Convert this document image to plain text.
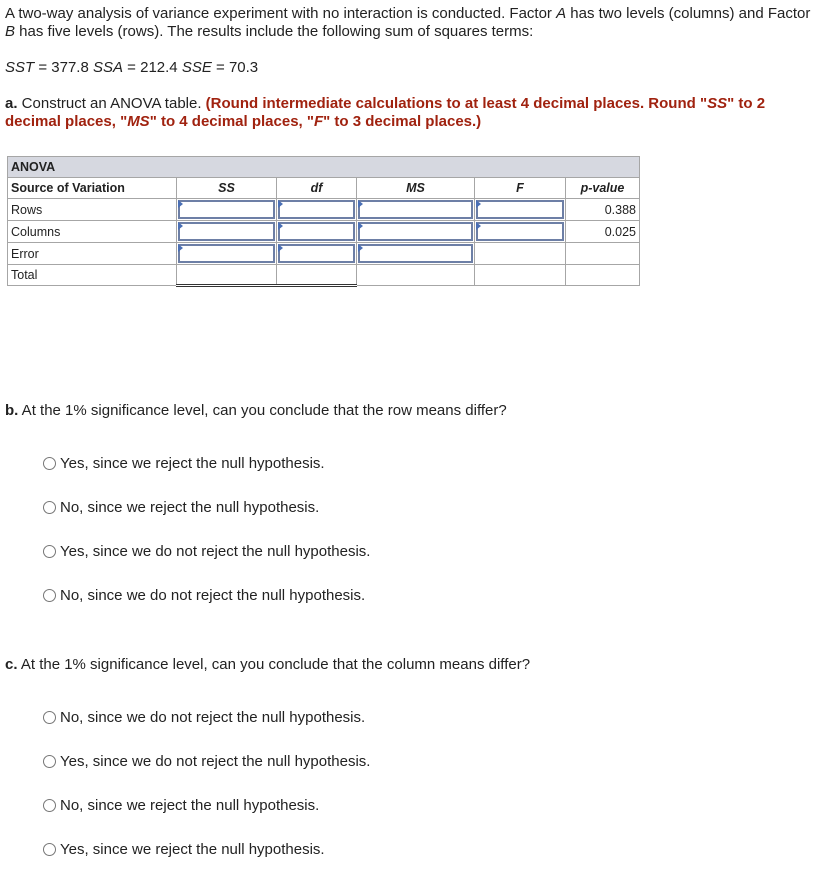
A two-way analysis of variance experiment with no interaction is conducted. Factor A has two levels (columns) and Factor B has five levels (rows). The results include the following sum of squares terms:
SST = 377.8 SSA = 212.4 SSE = 70.3
a. Construct an ANOVA table. (Round intermediate calculations to at least 4 decimal places. Round "SS" to 2 decimal places, "MS" to 4 decimal places, "F" to 3 decimal places.)
ANOVA					
Source of Variation	SS	df	MS	F	p-value
Rows					0.388
Columns					0.025
Error	

Total					
b. At the 1% significance level, can you conclude that the row means differ?
Yes, since we reject the null hypothesis.
No, since we reject the null hypothesis.
Yes, since we do not reject the null hypothesis.
No, since we do not reject the null hypothesis.
c. At the 1% significance level, can you conclude that the column means differ?
No, since we do not reject the null hypothesis.
Yes, since we do not reject the null hypothesis.
No, since we reject the null hypothesis.
Yes, since we reject the null hypothesis.
